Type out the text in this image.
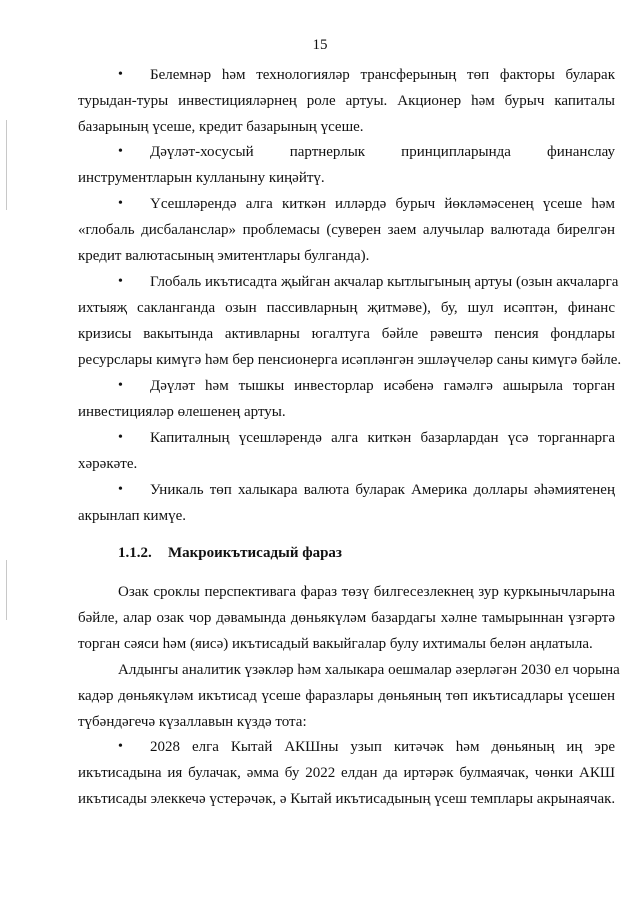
15
• Белемнәр һәм технологияләр трансферының төп факторы буларак
турыдан-туры инвестицияләрнең роле артуы. Акционер һәм бурыч капиталы
базарының үсеше, кредит базарының үсеше.
• Дәүләт-хосусый партнерлык принципларында финанслау
инструментларын кулланыну киңәйтү.
• Үсешләрендә алга киткән илләрдә бурыч йөкләмәсенең үсеше һәм
«глобаль дисбаланслар» проблемасы (суверен заем алучылар валютада бирелгән
кредит валютасының эмитентлары булганда).
• Глобаль икътисадта җыйган акчалар кытлыгының артуы (озын акчаларга
ихтыяҗ саклангандa озын пассивларның җитмәве), бу, шул исәптән, финанс
кризисы вакытында активларны югалтуга бәйле рәвештә пенсия фондлары
ресурслары кимүгә һәм бер пенсионерга исәпләнгән эшләүчеләр саны кимүгә бәйле.
• Дәүләт һәм тышкы инвесторлар исәбенә гамәлгә ашырыла торган
инвестицияләр өлешенең артуы.
• Капиталның үсешләрендә алга киткән базарлардан үсә торганнарга
хәрәкәте.
• Уникаль төп халыкара валюта буларак Америка доллары әһәмиятенең
акрынлап кимүе.
1.1.2. Макроикътисадый фараз
Озак сроклы перспективага фараз төзү билгесезлекнең зур куркынычларына
бәйле, алар озак чор дәвамында дөньякүләм базардагы хәлне тамырыннан үзгәртә
торган сәяси һәм (яисә) икътисадый вакыйгалар булу ихтималы белән аңлатыла.
Алдынгы аналитик үзәкләр һәм халыкара оешмалар әзерләгән 2030 ел чорына
кадәр дөньякүләм икътисад үсеше фаразлары дөньяның төп икътисадлары үсешен
түбәндәгечә күзаллавын күздә тота:
• 2028 елга Кытай АКШны узып китәчәк һәм дөньяның иң эре
икътисадына ия булачак, әмма бу 2022 елдан да иртәрәк булмаячак, чөнки АКШ
икътисады элеккечә үстерәчәк, ә Кытай икътисадының үсеш темплары акрынаячак.
